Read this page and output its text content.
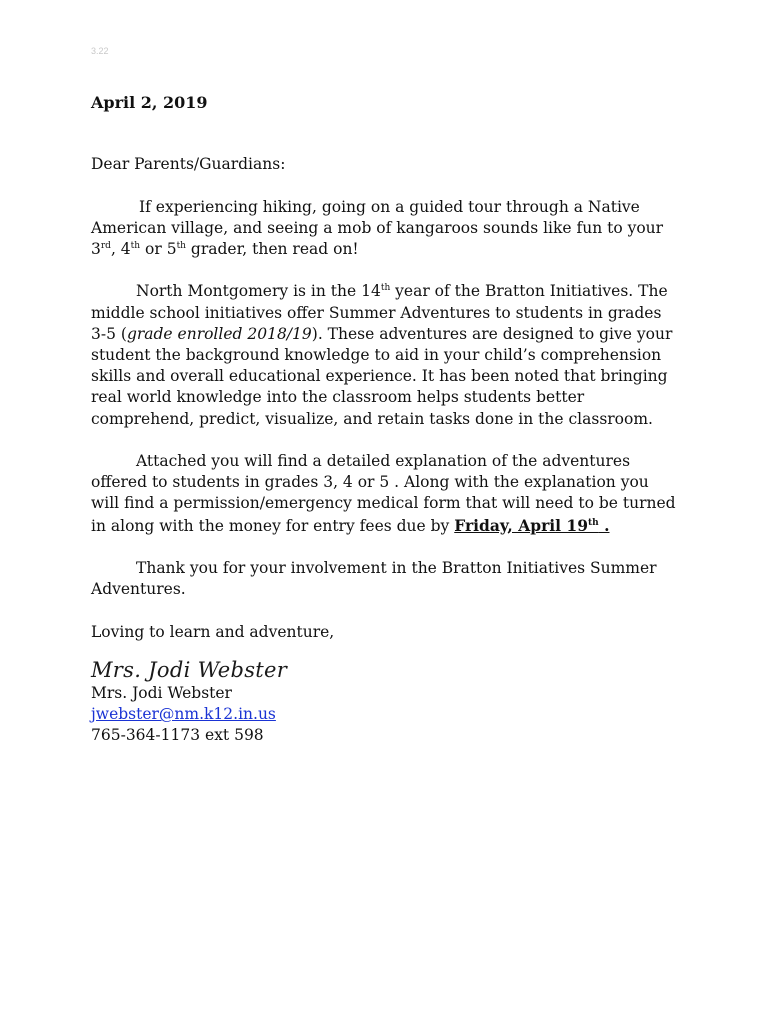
3.22

April 2, 2019

Dear Parents/Guardians:

If experiencing hiking, going on a guided tour through a Native American village, and seeing a mob of kangaroos sounds like fun to your 3rd, 4th or 5th grader, then read on!

North Montgomery is in the 14th year of the Bratton Initiatives. The middle school initiatives offer Summer Adventures to students in grades 3-5 (grade enrolled 2018/19). These adventures are designed to give your student the background knowledge to aid in your child’s comprehension skills and overall educational experience. It has been noted that bringing real world knowledge into the classroom helps students better comprehend, predict, visualize, and retain tasks done in the classroom.

Attached you will find a detailed explanation of the adventures offered to students in grades 3, 4 or 5 . Along with the explanation you will find a permission/emergency medical form that will need to be turned in along with the money for entry fees due by Friday, April 19th .

Thank you for your involvement in the Bratton Initiatives Summer Adventures.

Loving to learn and adventure,

Mrs. Jodi Webster

Mrs. Jodi Webster

jwebster@nm.k12.in.us

765-364-1173 ext 598
